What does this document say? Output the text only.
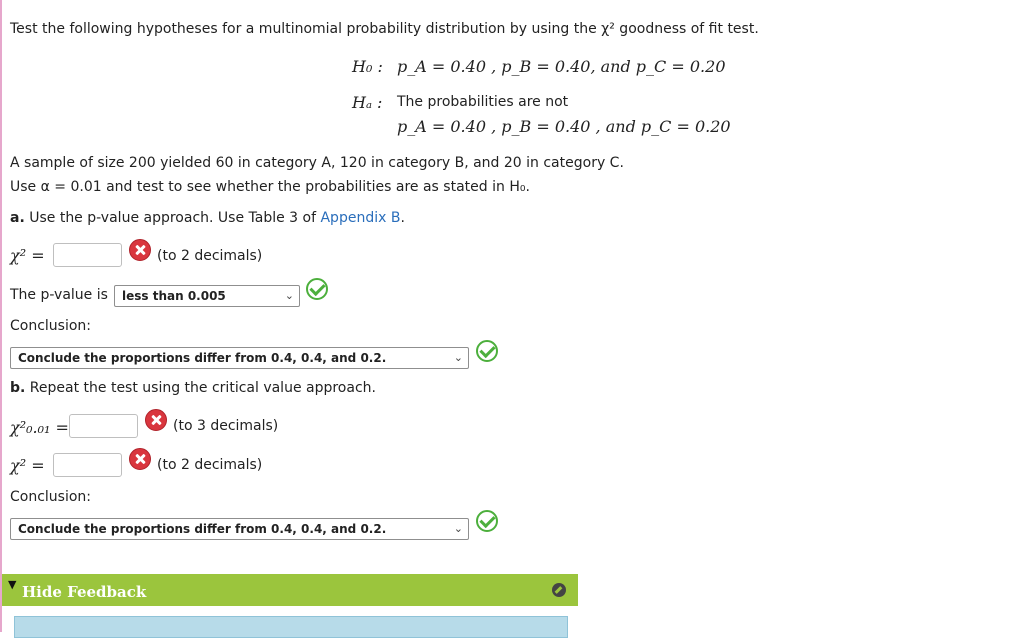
Test the following hypotheses for a multinomial probability distribution by using the χ² goodness of fit test.
H₀ : p_A = 0.40 , p_B = 0.40, and p_C = 0.20
Hₐ : The probabilities are not
p_A = 0.40 , p_B = 0.40 , and p_C = 0.20
A sample of size 200 yielded 60 in category A, 120 in category B, and 20 in category C.
Use α = 0.01 and test to see whether the probabilities are as stated in H₀.
a. Use the p-value approach. Use Table 3 of Appendix B.
χ² =	(to 2 decimals)
The p-value is	less than 0.005	⌄
Conclusion:
Conclude the proportions differ from 0.4, 0.4, and 0.2.	⌄
b. Repeat the test using the critical value approach.
χ²₀.₀₁ =	(to 3 decimals)
χ² =	(to 2 decimals)
Conclusion:
Conclude the proportions differ from 0.4, 0.4, and 0.2.	⌄
▼ Hide Feedback
